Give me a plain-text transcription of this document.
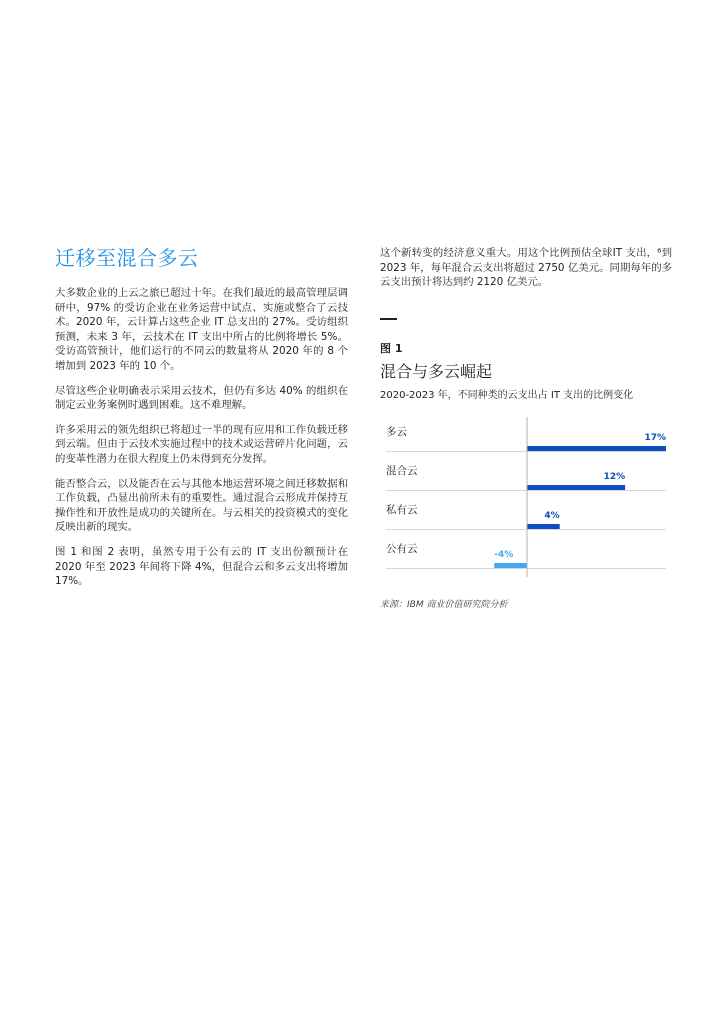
迁移至混合多云

大多数企业的上云之旅已超过十年。在我们最近的最高管理层调研中，97% 的受访企业在业务运营中试点、实施或整合了云技术。2020 年，云计算占这些企业 IT 总支出的 27%。受访组织预测，未来 3 年，云技术在 IT 支出中所占的比例将增长 5%。受访高管预计，他们运行的不同云的数量将从 2020 年的 8 个增加到 2023 年的 10 个。

尽管这些企业明确表示采用云技术，但仍有多达 40% 的组织在制定云业务案例时遇到困难。这不难理解。

许多采用云的领先组织已将超过一半的现有应用和工作负载迁移到云端。但由于云技术实施过程中的技术或运营碎片化问题，云的变革性潜力在很大程度上仍未得到充分发挥。

能否整合云，以及能否在云与其他本地运营环境之间迁移数据和工作负载，凸显出前所未有的重要性。通过混合云形成并保持互操作性和开放性是成功的关键所在。与云相关的投资模式的变化反映出新的现实。

图 1 和图 2 表明，虽然专用于公有云的 IT 支出份额预计在 2020 年至 2023 年间将下降 4%，但混合云和多云支出将增加 17%。

这个新转变的经济意义重大。用这个比例预估全球IT 支出，⁶到 2023 年，每年混合云支出将超过 2750 亿美元。同期每年的多云支出预计将达到约 2120 亿美元。

图 1
混合与多云崛起
2020-2023 年，不同种类的云支出占 IT 支出的比例变化
多云	17%
混合云	12%
私有云	4%
公有云	-4%
来源：IBM 商业价值研究院分析
